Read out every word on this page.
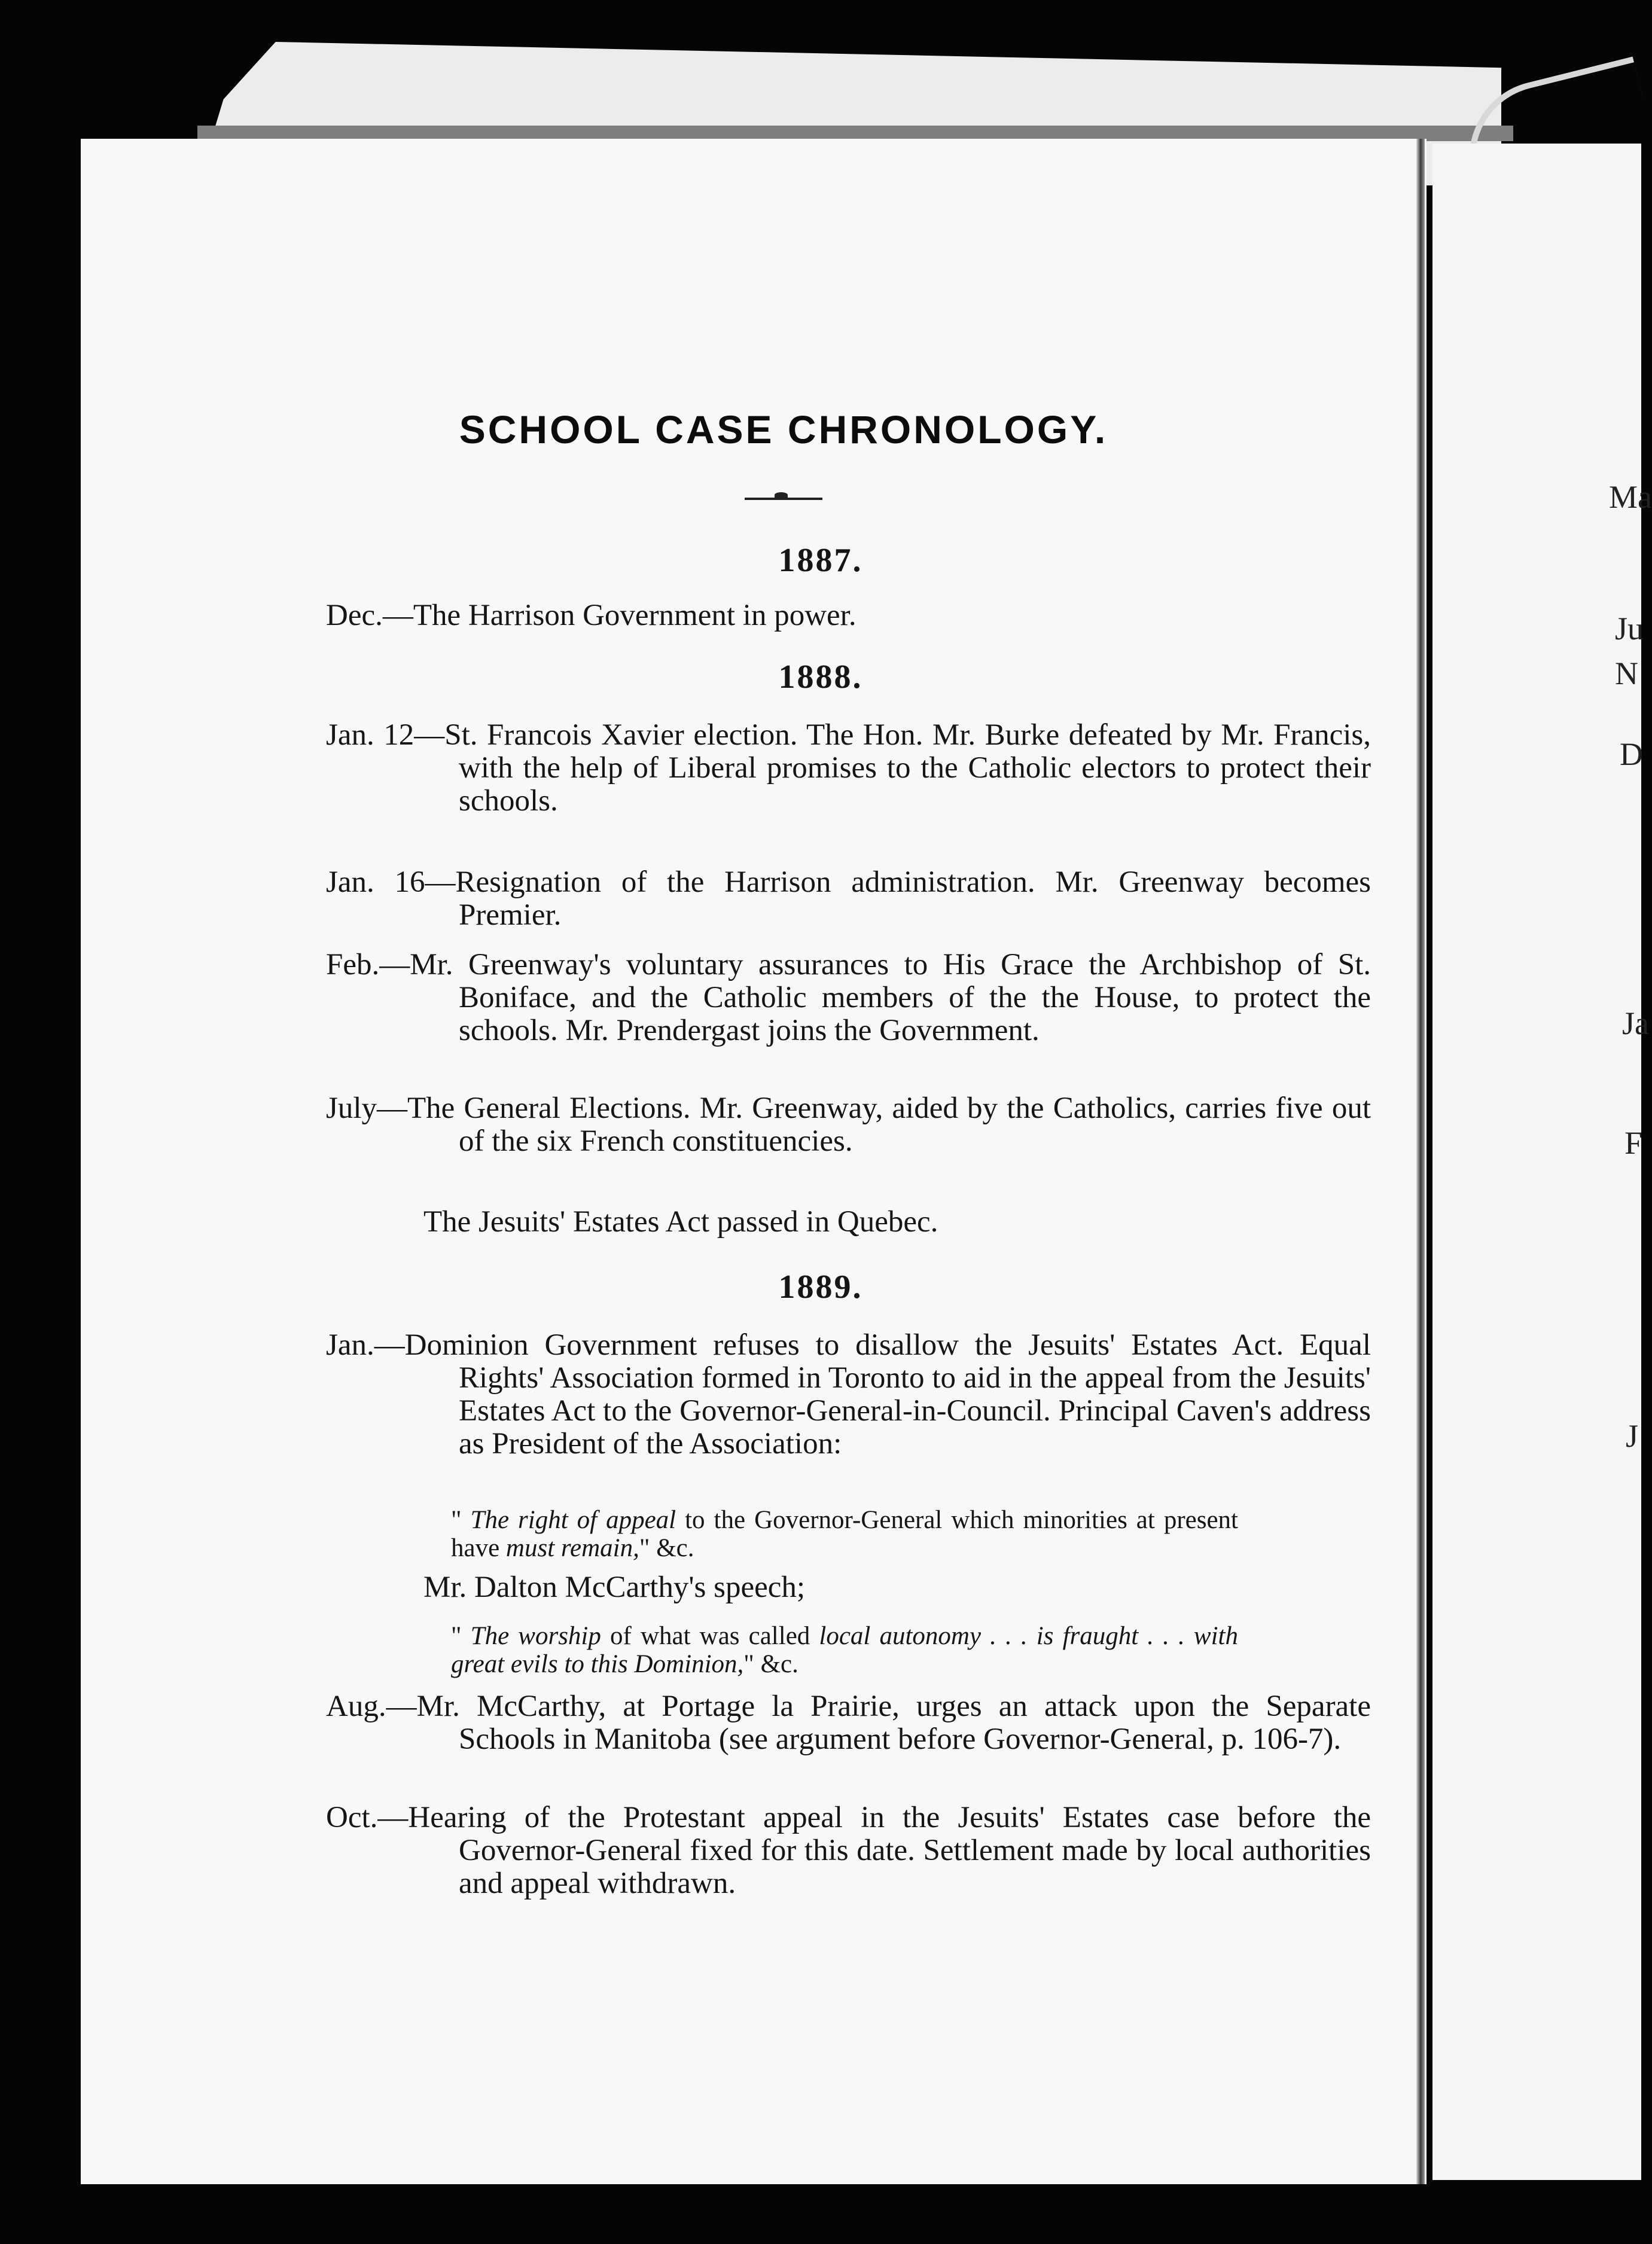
Ma
Ju
N
D
Ja
F
J
SCHOOL CASE CHRONOLOGY.
1887.
Dec.—The Harrison Government in power.
1888.
Jan. 12—St. Francois Xavier election. The Hon. Mr. Burke defeated by Mr. Francis, with the help of Liberal promises to the Catholic electors to protect their schools.
Jan. 16—Resignation of the Harrison administration. Mr. Greenway becomes Premier.
Feb.—Mr. Greenway's voluntary assurances to His Grace the Archbishop of St. Boniface, and the Catholic members of the the House, to protect the schools. Mr. Prendergast joins the Government.
July—The General Elections. Mr. Greenway, aided by the Catholics, carries five out of the six French constituencies.
The Jesuits' Estates Act passed in Quebec.
1889.
Jan.—Dominion Government refuses to disallow the Jesuits' Estates Act. Equal Rights' Association formed in Toronto to aid in the appeal from the Jesuits' Estates Act to the Governor-General-in-Council. Principal Caven's address as President of the Association:
" The right of appeal to the Governor-General which minorities at present have must remain," &c.
Mr. Dalton McCarthy's speech;
" The worship of what was called local autonomy . . . is fraught . . . with great evils to this Dominion," &c.
Aug.—Mr. McCarthy, at Portage la Prairie, urges an attack upon the Separate Schools in Manitoba (see argument before Governor-General, p. 106-7).
Oct.—Hearing of the Protestant appeal in the Jesuits' Estates case before the Governor-General fixed for this date. Settlement made by local authorities and appeal withdrawn.
